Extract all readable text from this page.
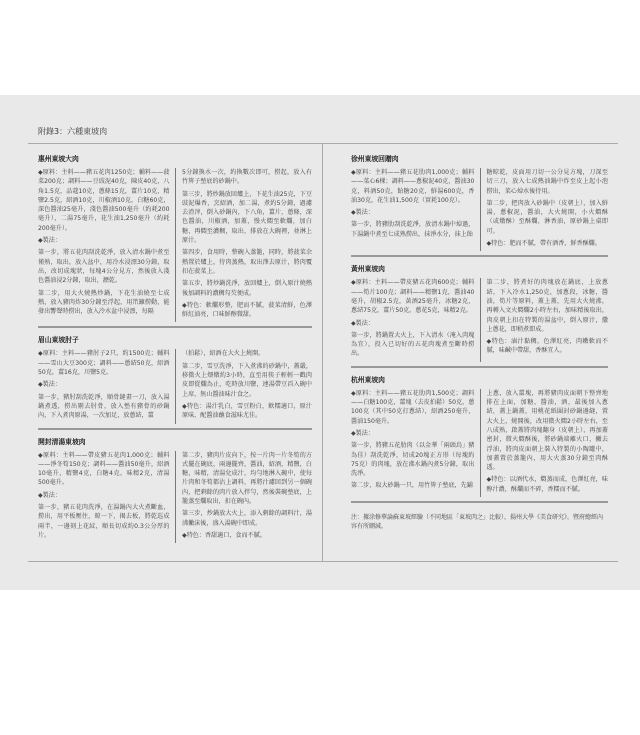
附錄3：六種東坡肉
惠州東坡大肉

◆原料：主料——豬五花肉1250克；輔料——菠菜200克；調料——豆豉泥40克，陳皮40克，八角1.5克，品蔻10克，蔥條15克，薑片10克，精鹽2.5克，紹酒10克，川椒酒10克，白糖60克，深色醬油25毫升，淺色醬油500毫升（約耗200毫升），二湯75毫升，花生油1,250毫升（約耗200毫升）。

◆製法：

第一步，將五花肉刮洗乾淨，放入清水鍋中煮至僅熟，取出，放入盆中，用冷水浸漂30分鐘，取出，改切成塊狀，每塊4公分見方，然後放入淺色醬油浸2分鐘，取出，瀝乾。

第二步，用大火燒熱炒鍋，下花生油燒至七成熱，放入豬肉炸30分鐘至浮起，用笊籬撈動，能發出響聲時撈出，放入冷水盆中浸漂，每隔

5分鐘換水一次，約換數次即可，撈起，放入有竹箅子墊底的砂鍋中。

第三步，將炒鍋放回爐上，下花生油25克，下豆豉泥爆香，烹紹酒，加二湯，煮約5分鐘，過濾去渣滓，倒入砂鍋內，下八角，薑片，蔥條，深色醬油，川椒酒，加蓋，慢火燜至軟爛，加白糖，再燜至濃稠，取出，排放在大碗裡，並淋上原汁。

第四步，食用時，整碗入蒸籠，同時，將菠菜余熱置於爐上，待肉蒸熱，取出潷去原汁，將肉覆扣在菠菜上。

第五步，將炒鍋洗淨，放回爐上，倒入原汁燒熱後加調料的濃稠勾芡便成。

◆特色：軟爛形整，肥而不膩，菠菜清鮮，色澤鮮紅油亮，口味鮮醇微甜。

眉山東坡肘子

◆原料：主料——豬肘子2只，約1500克；輔料——雪山大豆300克；調料——蔥結50克，紹酒50克，薑16克，川鹽5克。

◆製法：

第一步，豬肘刮洗乾淨，順骨縫畫一刀，放入湯鍋煮透，撈出剔去肘骨，放入墊有豬骨的砂鍋內，下入煮肉原湯，一次加足，放蔥結，薑

（拍鬆），紹酒在大火上燒開。

第二步，雪豆洗淨，下入煮沸的砂鍋中，蓋嚴，移微火上煨燉約3小時，直至用筷子輕輕一戳肉皮即從爛為止，吃時放川鹽，連湯帶豆舀入碗中上席，無山醬油味汁食之。

◆特色：湯汁乳白，雪豆粉白，軟糯適口，原汁原味，配醬油蘸食滋味尤佳。

開封清湯東坡肉

◆原料：主料——帶皮豬五花肉1,000克；輔料——淨冬筍150克；調料——醬油50毫升，紹酒10毫升，精鹽4克，白糖4克，味精2克，清湯500毫升。

◆製法：

第一步，豬五花肉洗淨，在湯鍋內大火煮斷血，撈出，用平板壓住，晾一下，揭去板，將乾巡成兩半，一邊刻上花紋，順長切成約0.3公分厚的片。

第二步，豬肉片皮向下，按一片肉一片冬筍的方式擺在碗底，兩邊擺齊，醬油，紹酒，精鹽，白糖，味精，清湯兌成汁，均勻地淋入碗中，使每片肉和冬筍都沾上調料，再將汁濾回到另一個碗內，把剩餘的肉片放入拌勻，然後裝碗墊底，上籠蒸至爛取出，扣在碗內。

第三步，炒鍋放大火上，添入剩餘的調料汁，湯沸撇沫後，盛入湯碗中即成。

◆特色：香甜適口，食而不膩。

徐州東坡回贈肉

◆原料：主料——豬五花肋肉1,000克；輔料——菜心6棵；調料——蔥椒泥40克，醬油30克，料酒50克，飴糖20克，鮮湯600克，香油30克，花生油1,500克（實耗100克）。

◆製法：

第一步，將豬肋刮洗乾淨，放清水鍋中焯過，下湯鍋中煮至七成熟撈出，抹淨水分，抹上飴

糖晾乾，皮面用刀切一公分見方塊，刀深至切三刀，放入七成熱油鍋中炸至皮上起小泡撈出，菜心焯水後待用。

第二步，把肉放入砂鍋中（皮朝上），加入鮮湯，蔥椒泥，醬油，大火燒開，小火燜酥（或燉酥）至酥爛，淋香油，原砂鍋上桌即可。

◆特色：肥而不膩，帶有酒香，鮮香酥爛。

黃州東坡肉

◆原料：主料——帶皮豬五花肉600克；輔料——筍片100克；調料——精鹽1克，醬油40毫升，胡椒2.5克，黃酒25毫升，冰糖2克，蔥結75克，薑片50克，蔥花5克，味精2克。

◆製法：

第一步，將鍋置大火上，下入清水（淹入肉塊為宜），投入已切好的五花肉塊煮至斷時撈出。

第二步，將煮好的肉塊放在鍋底，上放蔥結，下入冷水1,250克，加蔥段，冰糖，醬油，筍片等原料，蓋上蓋，先用大火燒沸，再轉入文火燜爛2小時左右，加味精後取出，肉皮朝上扣在特製的湯盆中，倒入原汁，撒上蔥花，即稍煮即成。

◆特色：滷汁黏稠，色澤紅亮，肉嫩軟而不膩，味鹹中帶甜，香酥宜人。

杭州東坡肉

◆原料：主料——豬五花肋肉1,500克；調料——白糖100克，薑塊（去皮拍鬆）50克，蔥100克（其中50克打蔥結），紹酒250毫升，醬油150毫升。

◆製法：

第一步，將豬五花肋肉（以金華「兩頭烏」豬為佳）刮洗乾淨，切成20塊正方形（每塊約75克）的肉塊，放在沸水鍋內煮5分鐘，取出洗淨。

第二步，取大砂鍋一只，用竹箅子墊底，先鋪

上蔥，放入薑塊，再將豬肉皮面朝下整齊地排在上面，加糖，醬油，酒，最後加入蔥結，蓋上鍋蓋，用桃花紙圍封砂鍋邊縫，置大火上，燒開後，改用微火燜2小時左右，至八成熟，啟蓋將肉塊翻身（皮朝上），再加蓋密封，微火燜酥後，將砂鍋端離火口，撇去浮油，將肉皮面朝上裝入特製的小陶罐中，加蓋置於蒸籠內，用大火蒸30分鐘至肉酥透。

◆特色：以酒代水，燜蒸而成，色澤紅亮，味醇汁濃，酥爛而不碎，香糯而不膩。

注：據涂修華論蘇東坡經驗（不同地區「東坡肉之」比較），揚州大學《美食研究》，暨府總經內容有所刪減。
